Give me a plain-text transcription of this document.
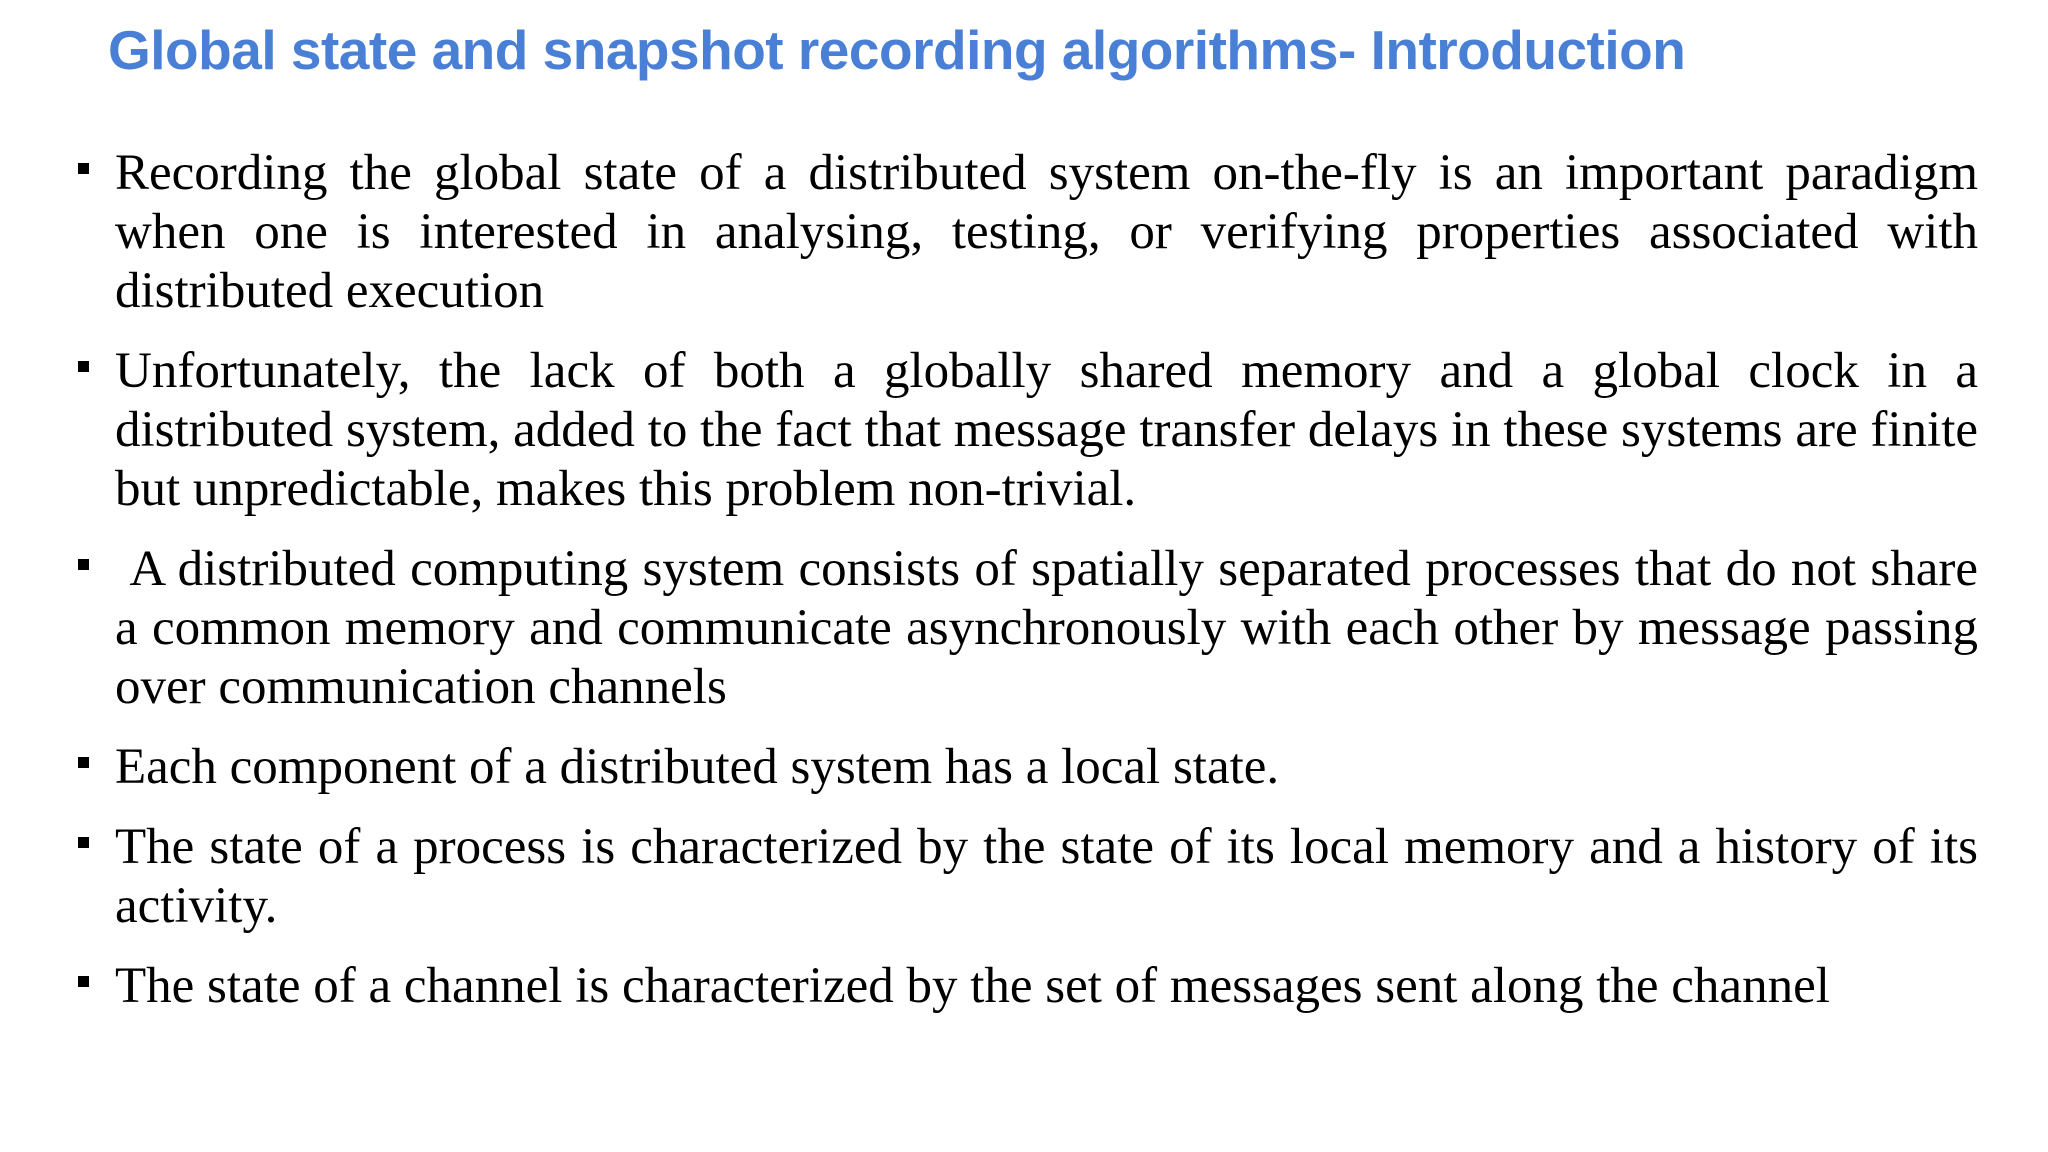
Global state and snapshot recording algorithms- Introduction
Recording the global state of a distributed system on-the-fly is an important paradigm when one is interested in analysing, testing, or verifying properties associated with distributed execution
Unfortunately, the lack of both a globally shared memory and a global clock in a distributed system, added to the fact that message transfer delays in these systems are finite but unpredictable, makes this problem non-trivial.
A distributed computing system consists of spatially separated processes that do not share a common memory and communicate asynchronously with each other by message passing over communication channels
Each component of a distributed system has a local state.
The state of a process is characterized by the state of its local memory and a history of its activity.
The state of a channel is characterized by the set of messages sent along the channel
